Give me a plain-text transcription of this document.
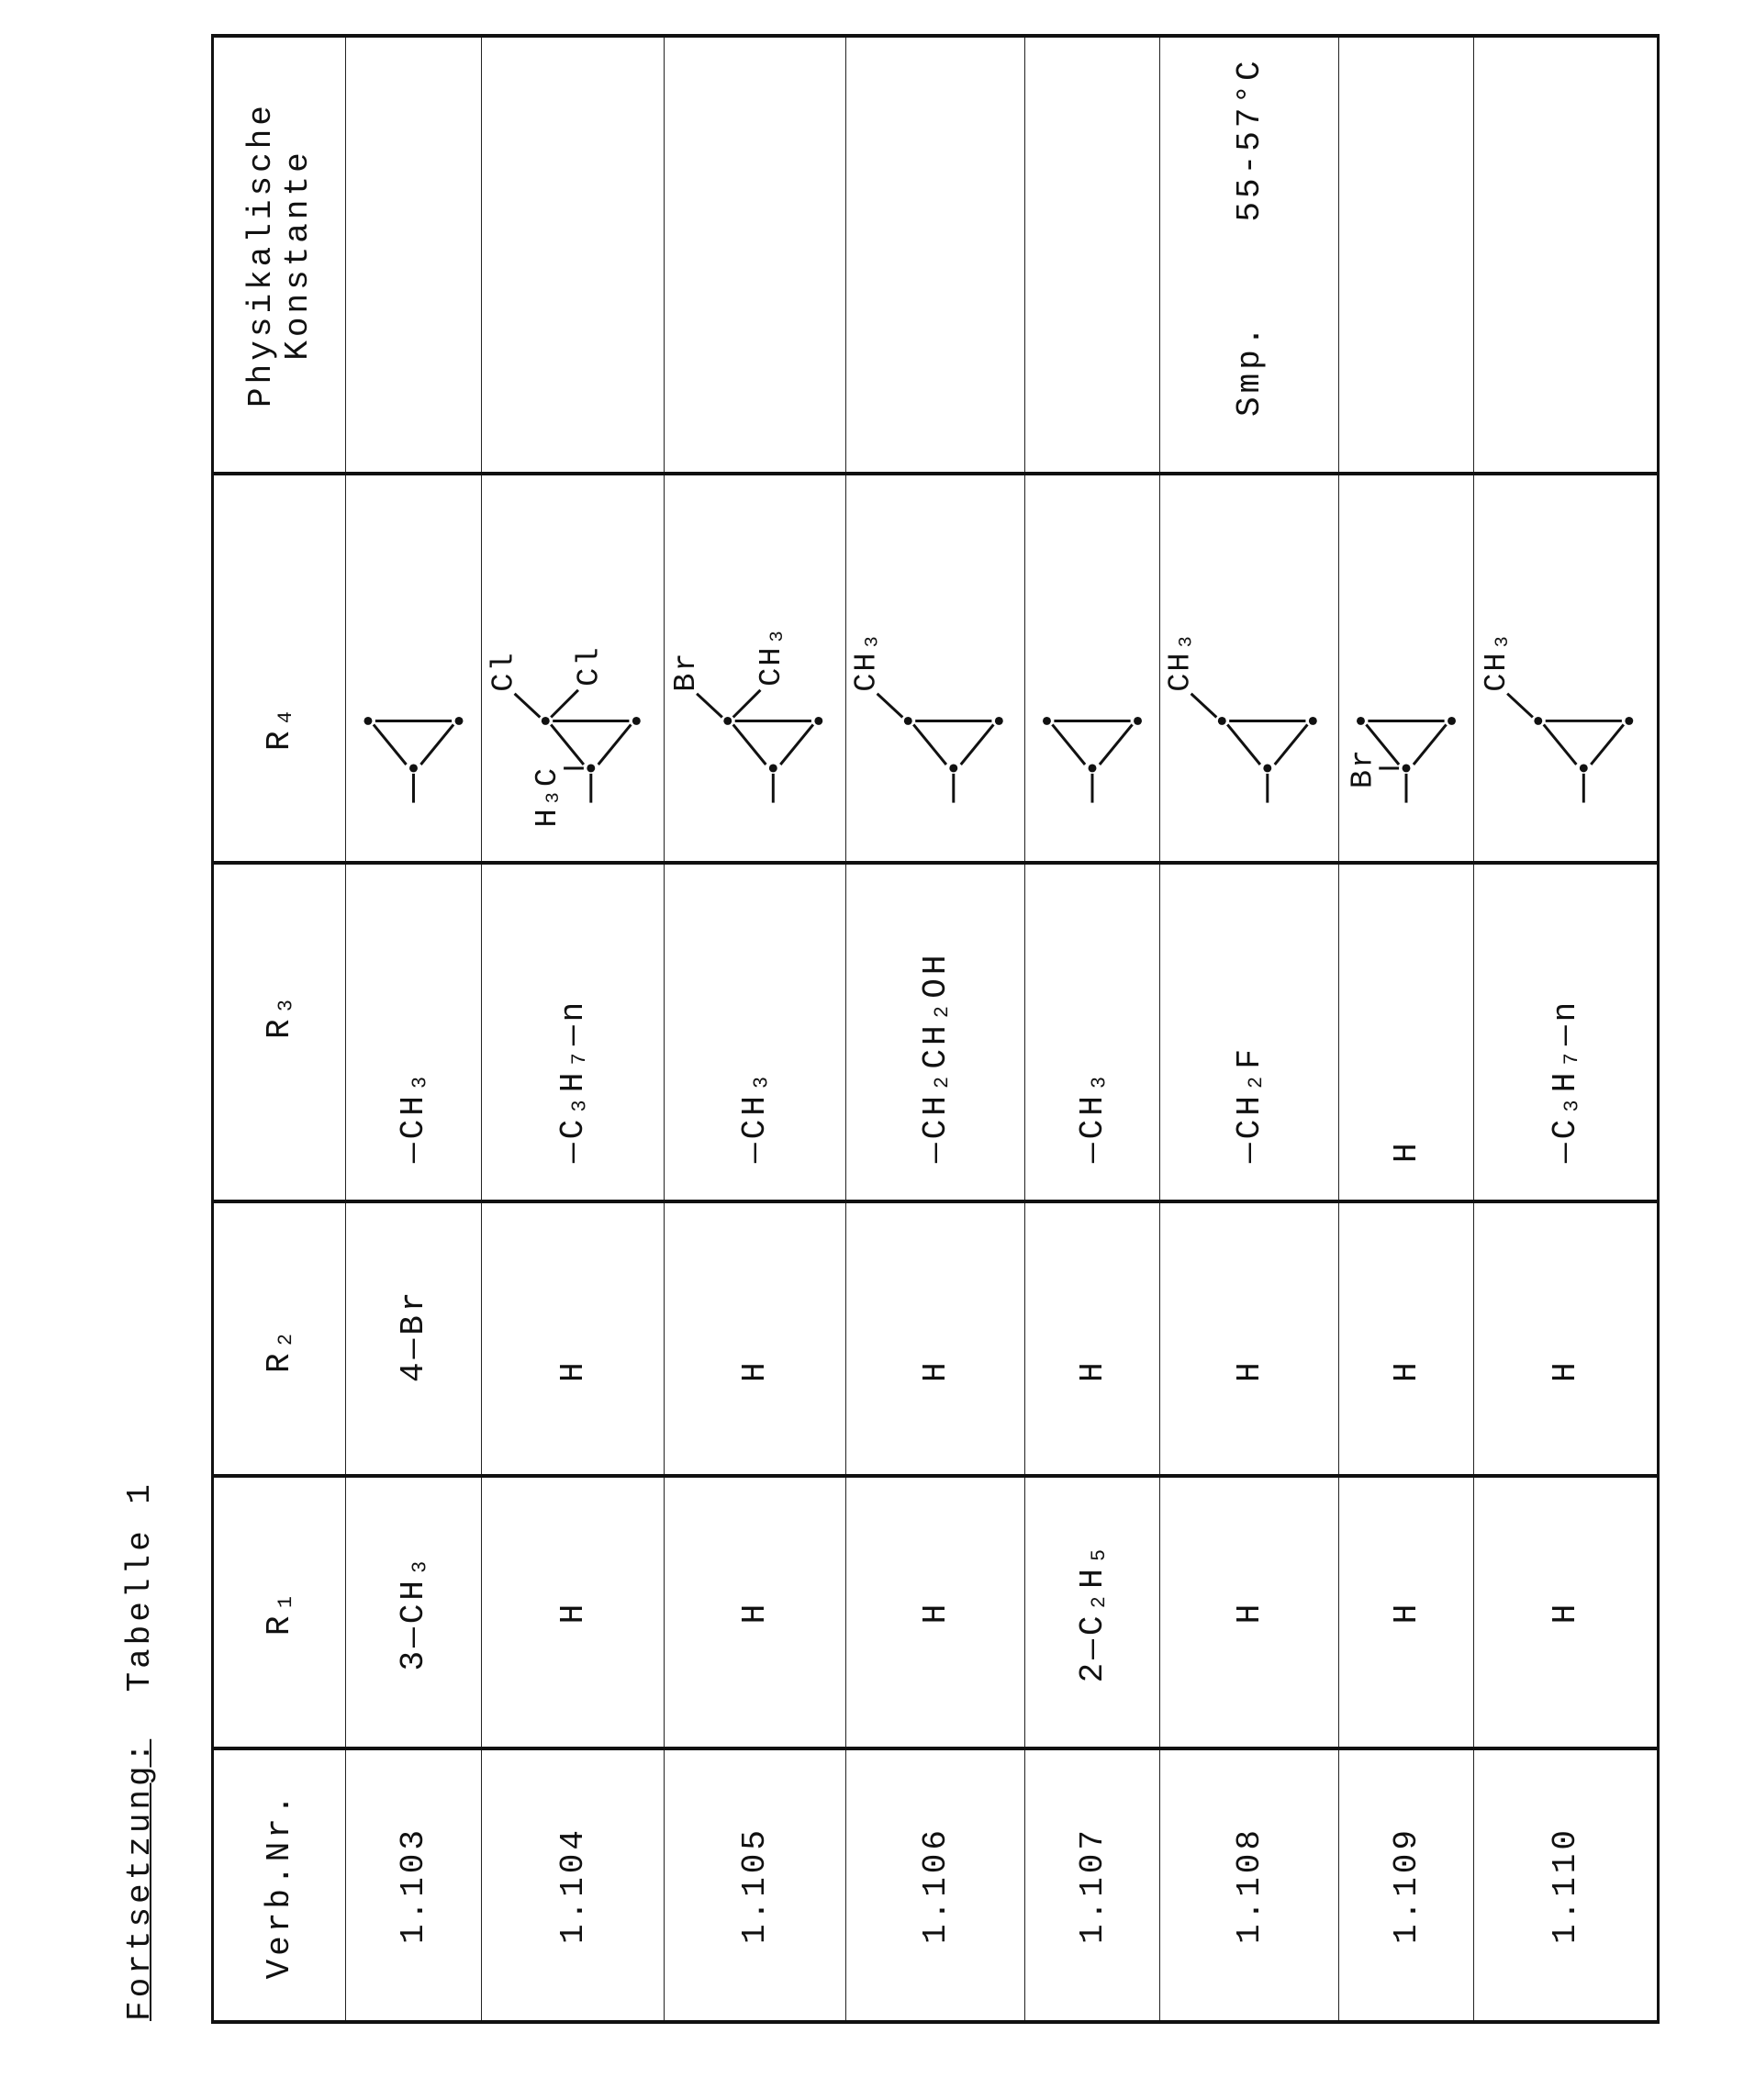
Fortsetzung:  Tabelle 1
Verb.Nr.	R₁	R₂	R₃	R₄	
Physikalische Konstante

1.103	3—CH₃	4—Br	—CH₃	

1.104	H	H	—C₃H₇—n	
Cl Cl
H₃C

1.105	H	H	—CH₃	
Br CH₃

1.106	H	H	—CH₂CH₂OH	
CH₃

1.107	2—C₂H₅	H	—CH₃	

1.108	H	H	—CH₂F	
CH₃
	Smp.55-57°C
1.109	H	H	H	
Br

1.110	H	H	—C₃H₇—n	
CH₃
